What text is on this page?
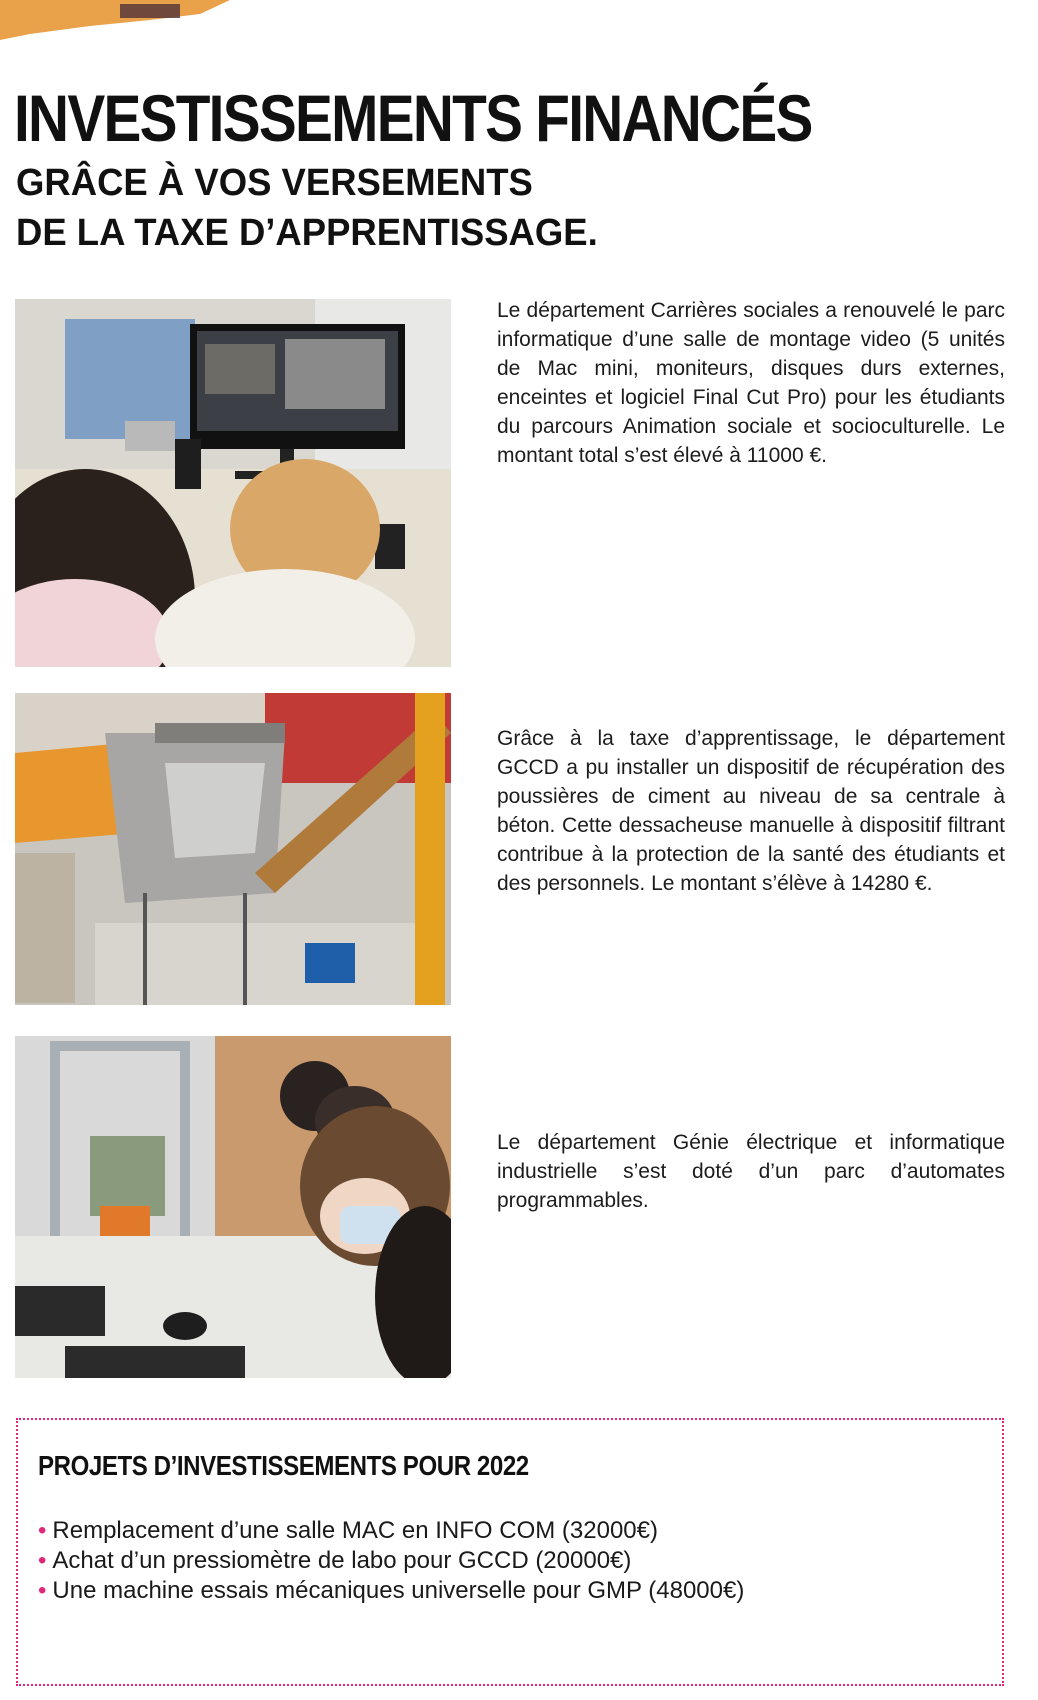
INVESTISSEMENTS FINANCÉS
GRÂCE À VOS VERSEMENTS
DE LA TAXE D’APPRENTISSAGE.

Le département Carrières sociales a renouvelé le parc informatique d’une salle de montage video (5 unités de Mac mini, moniteurs, disques durs externes, enceintes et logiciel Final Cut Pro) pour les étudiants du parcours Animation sociale et socioculturelle. Le montant total s’est élevé à 11000 €.

Grâce à la taxe d’apprentissage, le département GCCD a pu installer un dispositif de récupération des poussières de ciment au niveau de sa centrale à béton. Cette dessacheuse manuelle à dispositif filtrant contribue à la protection de la santé des étudiants et des personnels. Le montant s’élève à 14280 €.

Le département Génie électrique et informatique industrielle s’est doté d’un parc d’automates programmables.

PROJETS D’INVESTISSEMENTS POUR 2022
• Remplacement d’une salle MAC en INFO COM (32000€)
• Achat d’un pressiomètre de labo pour GCCD (20000€)
• Une machine essais mécaniques universelle pour GMP (48000€)
